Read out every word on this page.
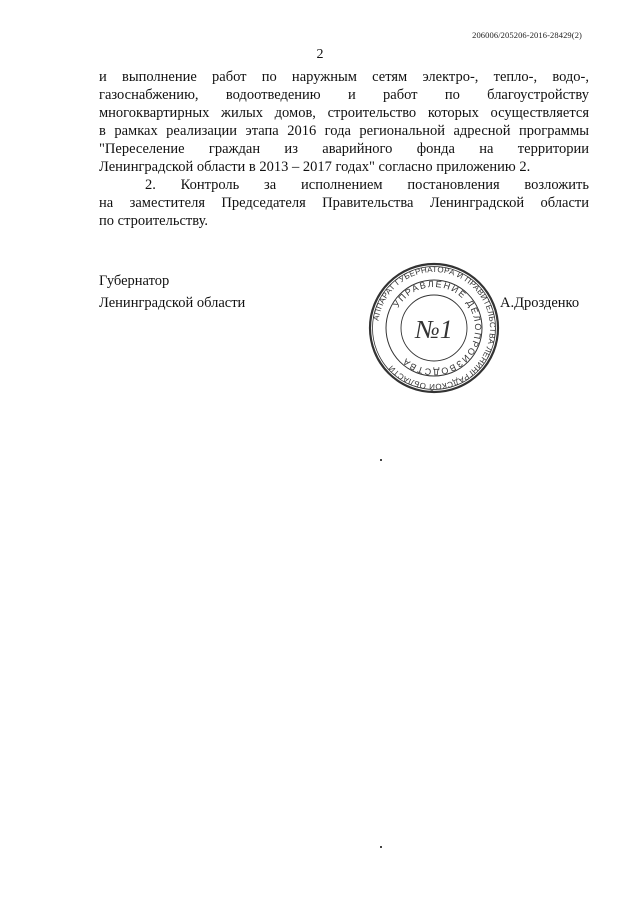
206006/205206-2016-28429(2)
2
и выполнение работ по наружным сетям электро-, тепло-, водо-,
газоснабжению, водоотведению и работ по благоустройству
многоквартирных жилых домов, строительство которых осуществляется
в рамках реализации этапа 2016 года региональной адресной программы
"Переселение граждан из аварийного фонда на территории
Ленинградской области в 2013 – 2017 годах" согласно приложению 2.
2. Контроль за исполнением постановления возложить
на заместителя Председателя Правительства Ленинградской области
по строительству.
Губернатор
Ленинградской области	А.Дрозденко
АППАРАТ ГУБЕРНАТОРА И ПРАВИТЕЛЬСТВА ЛЕНИНГРАДСКОЙ ОБЛАСТИ
УПРАВЛЕНИЕ ДЕЛОПРОИЗВОДСТВА
№1
